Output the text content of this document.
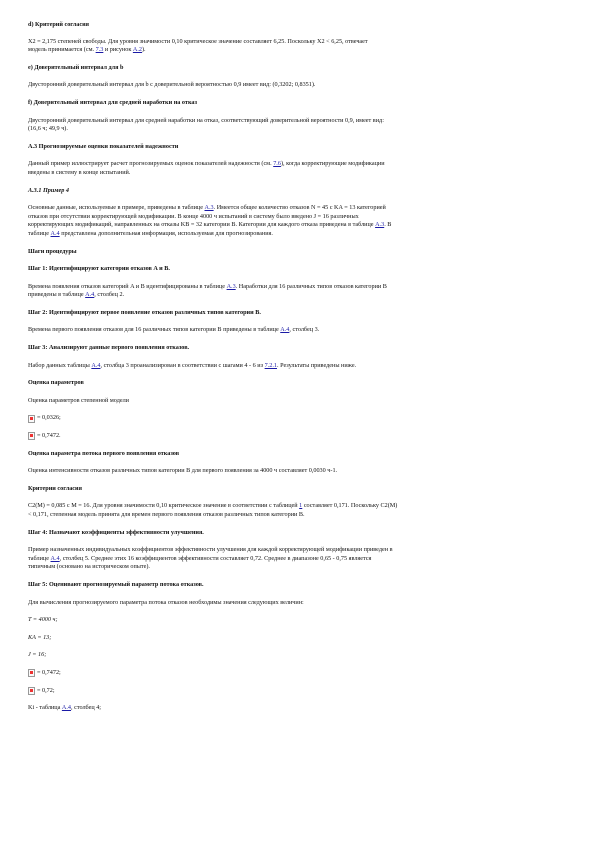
d) Критерий согласия

Χ2 = 2,175 степеней свободы. Для уровня значимости 0,10 критическое значение составляет 6,25. Поскольку Χ2 < 6,25, отвечает

модель принимается (см. 7.3 и рисунок А.2).

е) Доверительный интервал для b

Двусторонний доверительный интервал для b с доверительной вероятностью 0,9 имеет вид: (0,3202; 0,8351).

f) Доверительный интервал для средней наработки на отказ

Двусторонний доверительный интервал для средней наработки на отказ, соответствующий доверительной вероятности 0,9, имеет вид:

(16,6 ч; 49,9 ч).

А.3 Прогнозируемые оценки показателей надежности

Данный пример иллюстрирует расчет прогнозируемых оценок показателей надежности (см. 7.6), когда корректирующие модификации

введены в систему в конце испытаний.

А.3.1 Пример 4

Основные данные, используемые в примере, приведены в таблице А.3. Имеется общее количество отказов N = 45 с KA = 13 категорией

отказов при отсутствии корректирующей модификации. В конце 4000 ч испытаний в систему было введено J = 16 различных

корректирующих модификаций, направленных на отказы KB = 32 категории B. Категории для каждого отказа приведена в таблице А.3. В

таблице А.4 представлена дополнительная информация, используемая для прогнозирования.

Шаги процедуры

Шаг 1: Идентифицируют категории отказов A и B.

Времена появления отказов категорий A и B идентифицированы в таблице А.3. Наработки для 16 различных типов отказов категории B

приведены в таблице А.4, столбец 2.

Шаг 2: Идентифицируют первое появление отказов различных типов категории B.

Времена первого появления отказов для 16 различных типов категории B приведены в таблице А.4, столбец 3.

Шаг 3: Анализируют данные первого появления отказов.

Набор данных таблицы А.4, столбца 3 проанализирован в соответствии с шагами 4 - 6 из 7.2.1. Результаты приведены ниже.

Оценка параметров

Оценка параметров степенной модели

= 0,0326;
= 0,7472.

Оценка параметра потока первого появления отказов

Оценка интенсивности отказов различных типов категории B для первого появления за 4000 ч составляет 0,0030 ч-1.

Критерии согласия

C2(M) = 0,085 с M = 16. Для уровня значимости 0,10 критическое значение в соответствии с таблицей 1 составляет 0,171. Поскольку C2(M)

< 0,171, степенная модель принята для времен первого появления отказов различных типов категории B.

Шаг 4: Назначают коэффициенты эффективности улучшения.

Пример назначенных индивидуальных коэффициентов эффективности улучшения для каждой корректирующей модификации приведен в

таблице А.4, столбец 5. Среднее этих 16 коэффициентов эффективности составляет 0,72. Среднее в диапазоне 0,65 - 0,75 является

типичным (основано на историческом опыте).

Шаг 5: Оценивают прогнозируемый параметр потока отказов.

Для вычисления прогнозируемого параметра потока отказов необходимы значения следующих величин:

T = 4000 ч;

KA = 13;

J = 16;

= 0,7472;
= 0,72;

Ki - таблица А.4, столбец 4;
